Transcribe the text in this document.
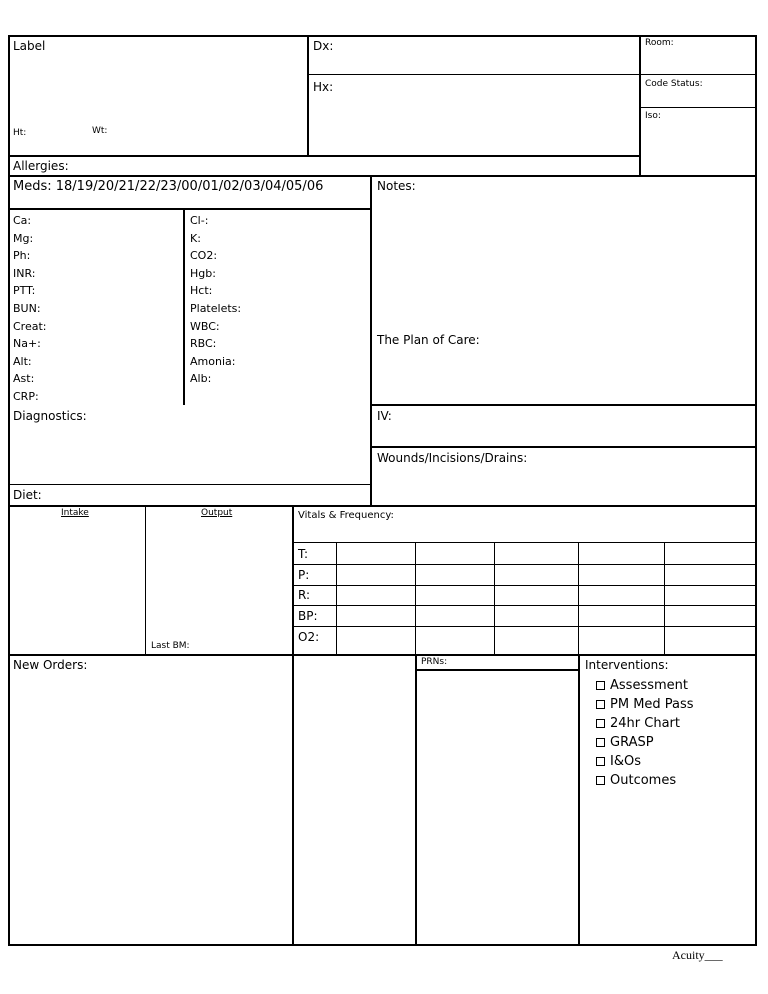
Label	Dx:
Hx:
Ht:	Wt:
Room:
Code Status:
Iso:
Allergies:
Meds: 18/19/20/21/22/23/00/01/02/03/04/05/06
Ca:
Mg:
Ph:
INR:
PTT:
BUN:
Creat:
Na+:
Alt:
Ast:
CRP:
Cl-:
K:
CO2:
Hgb:
Hct:
Platelets:
WBC:
RBC:
Amonia:
Alb:
Diagnostics:
Diet:
Notes:
The Plan of Care:
IV:
Wounds/Incisions/Drains:
Intake	Output
Last BM:
Vitals & Frequency:
T:
P:
R:
BP:
O2:
New Orders:	PRNs:	Interventions:
Assessment
PM Med Pass
24hr Chart
GRASP
I&Os
Outcomes
Acuity___
